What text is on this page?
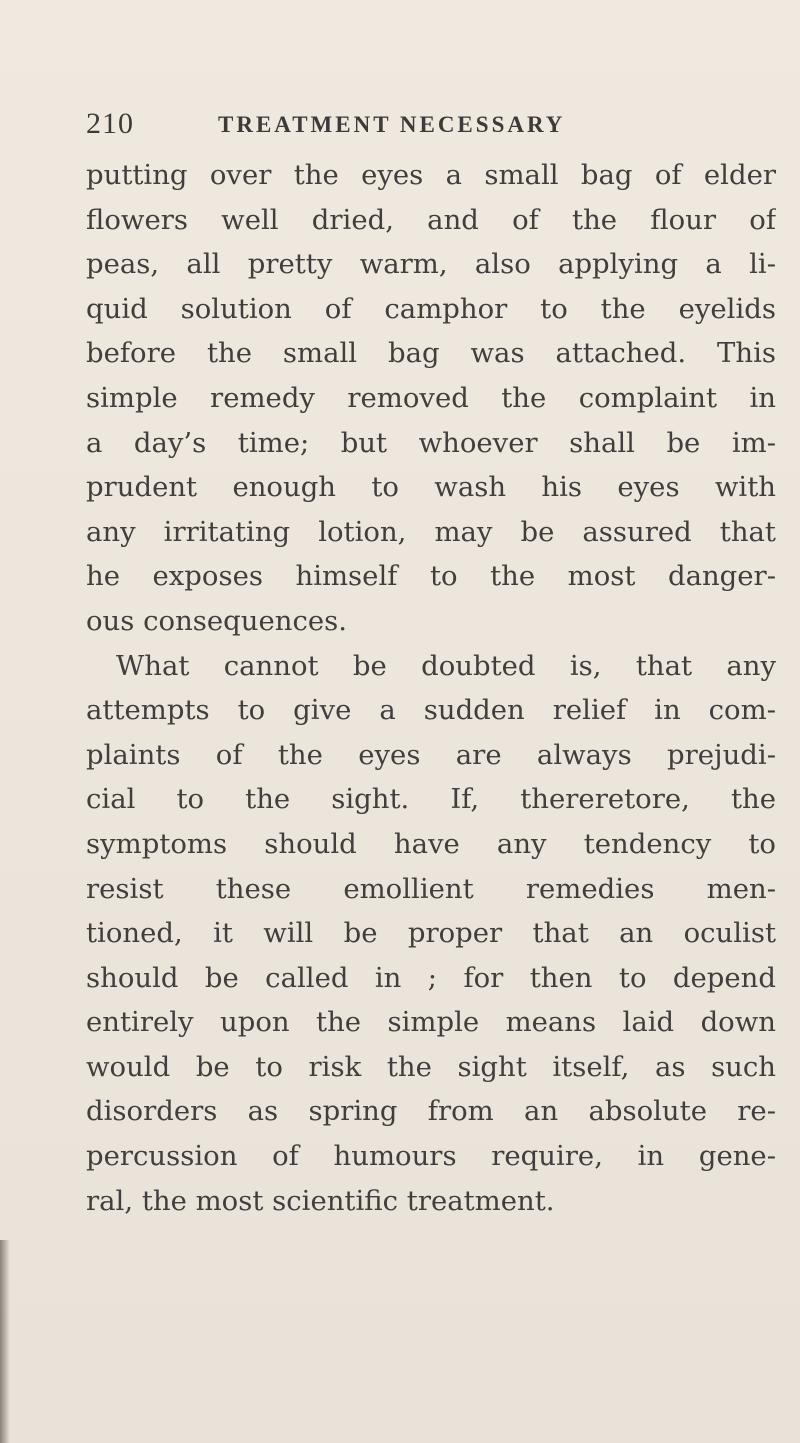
210	TREATMENT NECESSARY
putting over the eyes a small bag of elder
flowers well dried, and of the flour of
peas, all pretty warm, also applying a li-
quid solution of camphor to the eyelids
before the small bag was attached. This
simple remedy removed the complaint in
a day’s time; but whoever shall be im-
prudent enough to wash his eyes with
any irritating lotion, may be assured that
he exposes himself to the most danger-
ous consequences.
What cannot be doubted is, that any
attempts to give a sudden relief in com-
plaints of the eyes are always prejudi-
cial to the sight. If, thereretore, the
symptoms should have any tendency to
resist these emollient remedies men-
tioned, it will be proper that an oculist
should be called in ; for then to depend
entirely upon the simple means laid down
would be to risk the sight itself, as such
disorders as spring from an absolute re-
percussion of humours require, in gene-
ral, the most scientific treatment.
